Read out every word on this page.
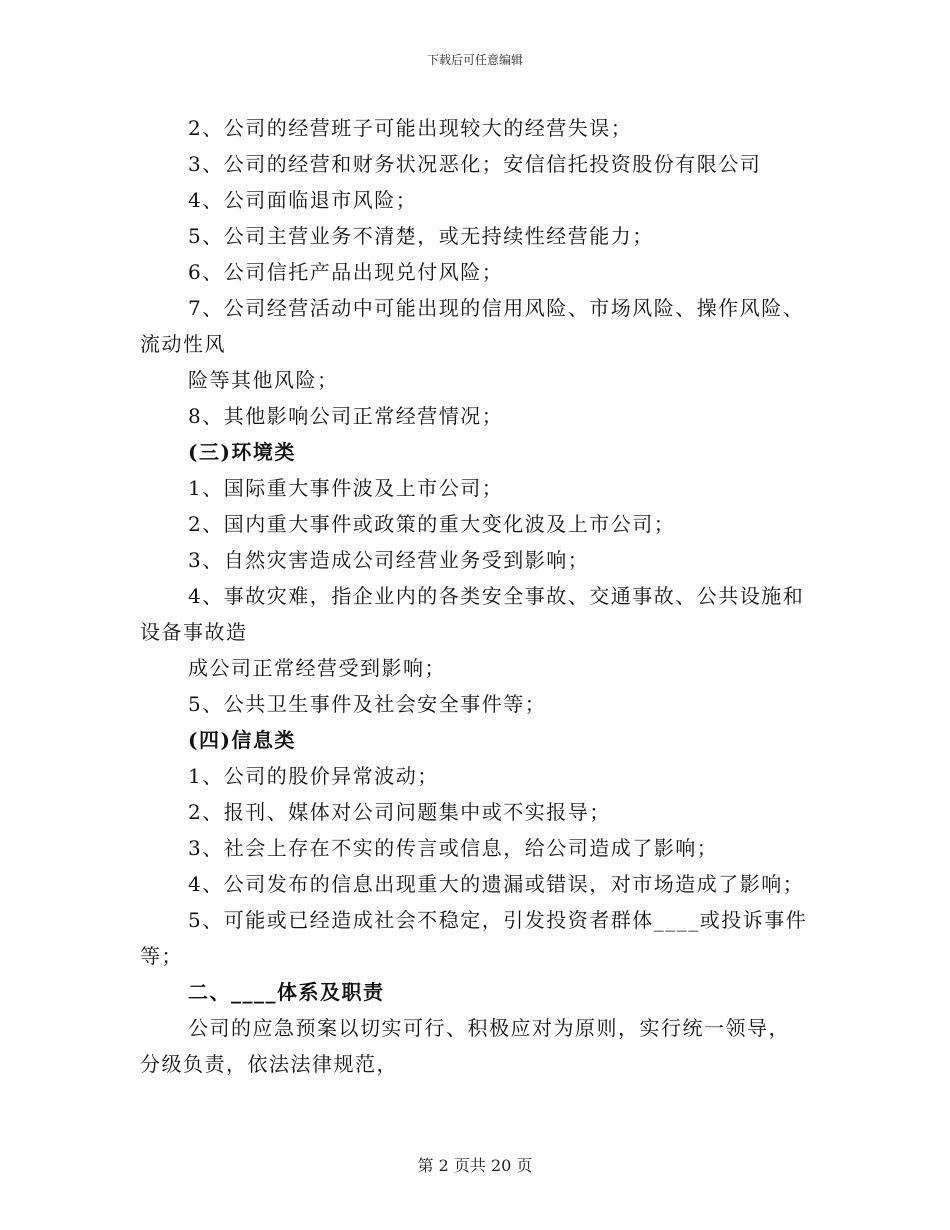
下载后可任意编辑
2、公司的经营班子可能出现较大的经营失误；
3、公司的经营和财务状况恶化；安信信托投资股份有限公司
4、公司面临退市风险；
5、公司主营业务不清楚，或无持续性经营能力；
6、公司信托产品出现兑付风险；
7、公司经营活动中可能出现的信用风险、市场风险、操作风险、
流动性风
险等其他风险；
8、其他影响公司正常经营情况；
(三)环境类
1、国际重大事件波及上市公司；
2、国内重大事件或政策的重大变化波及上市公司；
3、自然灾害造成公司经营业务受到影响；
4、事故灾难，指企业内的各类安全事故、交通事故、公共设施和
设备事故造
成公司正常经营受到影响；
5、公共卫生事件及社会安全事件等；
(四)信息类
1、公司的股价异常波动；
2、报刊、媒体对公司问题集中或不实报导；
3、社会上存在不实的传言或信息，给公司造成了影响；
4、公司发布的信息出现重大的遗漏或错误，对市场造成了影响；
5、可能或已经造成社会不稳定，引发投资者群体____或投诉事件
等；
二、____体系及职责
公司的应急预案以切实可行、积极应对为原则，实行统一领导，
分级负责，依法法律规范，
第 2 页共 20 页
